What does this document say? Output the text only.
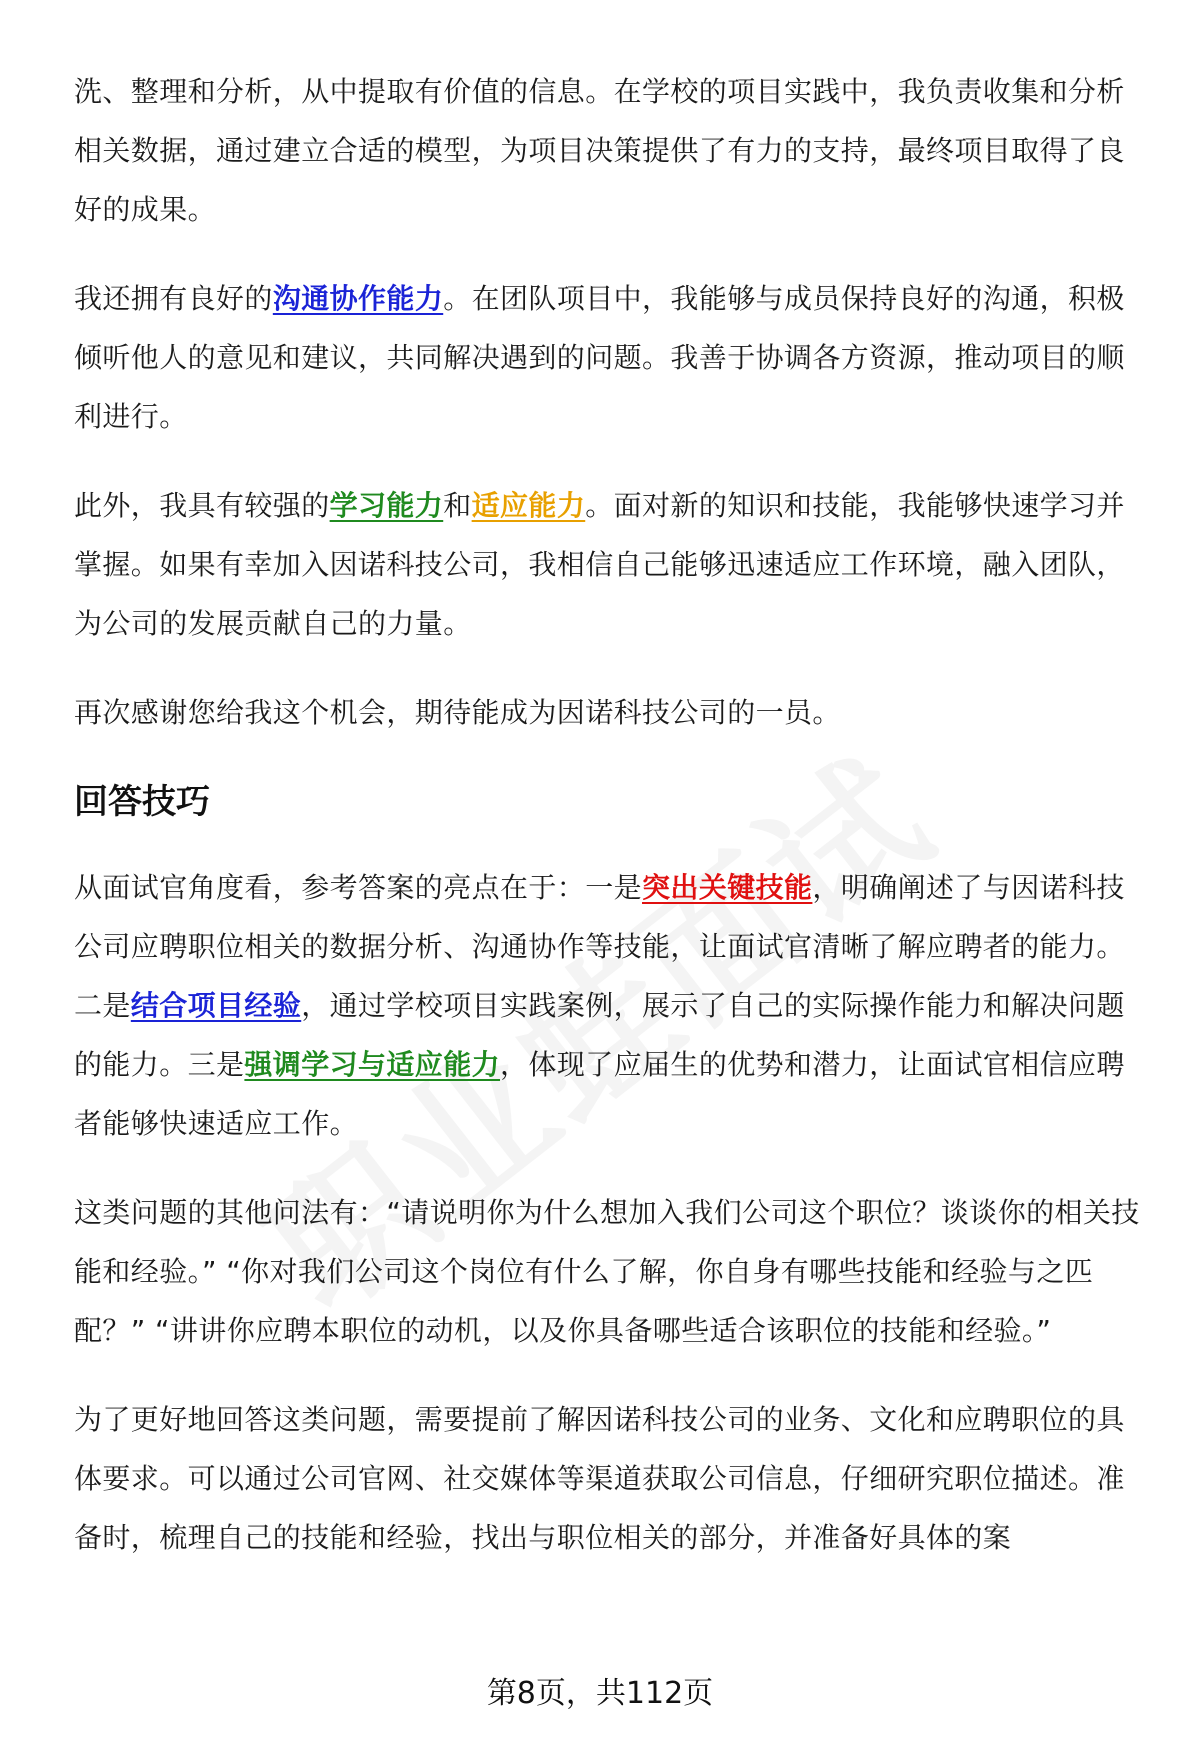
洗、整理和分析，从中提取有价值的信息。在学校的项目实践中，我负责收集和分析相关数据，通过建立合适的模型，为项目决策提供了有力的支持，最终项目取得了良好的成果。

我还拥有良好的沟通协作能力。在团队项目中，我能够与成员保持良好的沟通，积极倾听他人的意见和建议，共同解决遇到的问题。我善于协调各方资源，推动项目的顺利进行。

此外，我具有较强的学习能力和适应能力。面对新的知识和技能，我能够快速学习并掌握。如果有幸加入因诺科技公司，我相信自己能够迅速适应工作环境，融入团队，为公司的发展贡献自己的力量。

再次感谢您给我这个机会，期待能成为因诺科技公司的一员。

回答技巧

从面试官角度看，参考答案的亮点在于：一是突出关键技能，明确阐述了与因诺科技公司应聘职位相关的数据分析、沟通协作等技能，让面试官清晰了解应聘者的能力。二是结合项目经验，通过学校项目实践案例，展示了自己的实际操作能力和解决问题的能力。三是强调学习与适应能力，体现了应届生的优势和潜力，让面试官相信应聘者能够快速适应工作。

这类问题的其他问法有：“请说明你为什么想加入我们公司这个职位？谈谈你的相关技能和经验。” “你对我们公司这个岗位有什么了解，你自身有哪些技能和经验与之匹配？” “讲讲你应聘本职位的动机，以及你具备哪些适合该职位的技能和经验。”

为了更好地回答这类问题，需要提前了解因诺科技公司的业务、文化和应聘职位的具体要求。可以通过公司官网、社交媒体等渠道获取公司信息，仔细研究职位描述。准备时，梳理自己的技能和经验，找出与职位相关的部分，并准备好具体的案

第8页，共112页
